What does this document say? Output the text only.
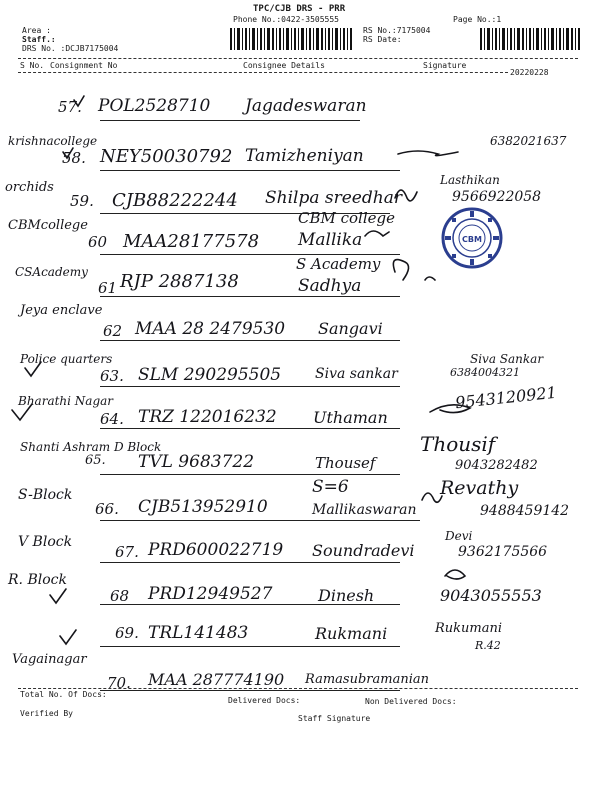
TPC/CJB DRS - PRR
Phone No.:0422-3505555
Area :
Staff.:
DRS No. :DCJB7175004
RS No.:7175004
RS Date:
Page No.:1
S No. Consignment No	Consignee Details	Signature
20220228
57. POL2528710 Jagadeswaran
krishnacollege
58. NEY50030792 Tamizheniyan
6382021637
orchids
59. CJB88222244 Shilpa sreedhar
Lasthikan
9566922058
CBMcollege
60 MAA28177578 Mallika
CBM college
CSAcademy
61 RJP 2887138	Sadhya
S Academy
Jeya enclave
62 MAA 28 2479530 Sangavi
Police quarters
63. SLM 290295505 Siva sankar
Siva Sankar
6384004321
Bharathi Nagar
64. TRZ 122016232 Uthaman
9543120921
Shanti Ashram D Block
65. TVL 9683722	Thousef
Thousif
9043282482
S-Block
66. CJB513952910	Mallikaswaran
S=6	Revathy
9488459142
V Block
67. PRD600022719 Soundradevi
Devi
9362175566
R. Block
68 PRD12949527	Dinesh	9043055553
69. TRL141483	Rukmani	Rukumani
R.42
Vagainagar
70. MAA 287774190 Ramasubramanian
CBM
Total No. Of Docs:
Delivered Docs:	Non Delivered Docs:
Verified By
Staff Signature
